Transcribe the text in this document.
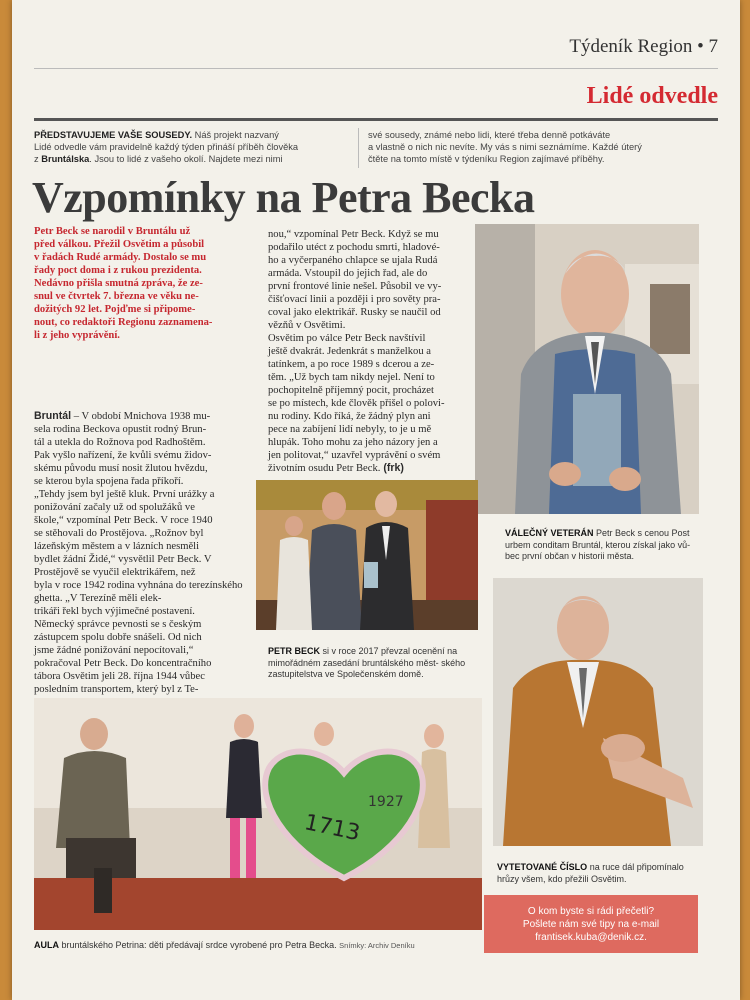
Týdeník Region • 7
Lidé odvedle
PŘEDSTAVUJEME VAŠE SOUSEDY. Náš projekt nazvaný
Lidé odvedle vám pravidelně každý týden přináší příběh člověka
z Bruntálska. Jsou to lidé z vašeho okolí. Najdete mezi nimi
své sousedy, známé nebo lidi, které třeba denně potkáváte
a vlastně o nich nic nevíte. My vás s nimi seznámíme. Každé úterý
čtěte na tomto místě v týdeníku Region zajímavé příběhy.
Vzpomínky na Petra Becka
Petr Beck se narodil v Bruntálu už
před válkou. Přežil Osvětim a působil
v řadách Rudé armády. Dostalo se mu
řady poct doma i z rukou prezidenta.
Nedávno přišla smutná zpráva, že ze-
snul ve čtvrtek 7. března ve věku ne-
dožitých 92 let. Pojďme si připome-
nout, co redaktoři Regionu zaznamena-
li z jeho vyprávění.
Bruntál – V období Mnichova 1938 mu-
sela rodina Beckova opustit rodný Brun-
tál a utekla do Rožnova pod Radhoštěm.
Pak vyšlo nařízení, že kvůli svému židov-
skému původu musí nosit žlutou hvězdu,
se kterou byla spojena řada příkoří.
„Tehdy jsem byl ještě kluk. První urážky a
ponižování začaly už od spolužáků ve
škole,“ vzpomínal Petr Beck. V roce 1940
se stěhovali do Prostějova. „Rožnov byl
lázeňským městem a v lázních nesměli
bydlet žádní Židé,“ vysvětlil Petr Beck. V
Prostějově se vyučil elektrikářem, než
byla v roce 1942 rodina vyhnána do terezínského ghetta. „V Terezíně měli elek-
trikáři řekl bych výjimečné postavení.
Německý správce pevnosti se s českým
zástupcem spolu dobře snášeli. Od nich
jsme žádné ponižování nepocítovali,“
pokračoval Petr Beck. Do koncentračního
tábora Osvětim jeli 28. října 1944 vůbec
posledním transportem, který byl z Te-
nou,“ vzpomínal Petr Beck. Když se mu
podařilo utéct z pochodu smrti, hladové-
ho a vyčerpaného chlapce se ujala Rudá
armáda. Vstoupil do jejich řad, ale do
první frontové linie nešel. Působil ve vy-
čišťovací linii a později i pro sověty pra-
coval jako elektrikář. Rusky se naučil od
vězňů v Osvětimi.
Osvětim po válce Petr Beck navštívil
ještě dvakrát. Jedenkrát s manželkou a
tatínkem, a po roce 1989 s dcerou a ze-
těm. „Už bych tam nikdy nejel. Není to
pochopitelně příjemný pocit, procházet
se po místech, kde člověk přišel o polovi-
nu rodiny. Kdo říká, že žádný plyn ani
pece na zabíjení lidí nebyly, to je u mě
hlupák. Toho mohu za jeho názory jen a
jen politovat,“ uzavřel vyprávění o svém
životním osudu Petr Beck. (frk)
VÁLEČNÝ VETERÁN Petr Beck s cenou Post urbem conditam Bruntál, kterou získal jako vů- bec první občan v historii města.
PETR BECK si v roce 2017 převzal ocenění na mimořádném zasedání bruntálského měst- ského zastupitelstva ve Společenském domě.
1927
1713
AULA bruntálského Petrina: děti předávají srdce vyrobené pro Petra Becka. Snímky: Archiv Deníku
VYTETOVANÉ ČÍSLO na ruce dál připomínalo hrůzy všem, kdo přežili Osvětim.
O kom byste si rádi přečetli?
Pošlete nám své tipy na e-mail
frantisek.kuba@denik.cz.
